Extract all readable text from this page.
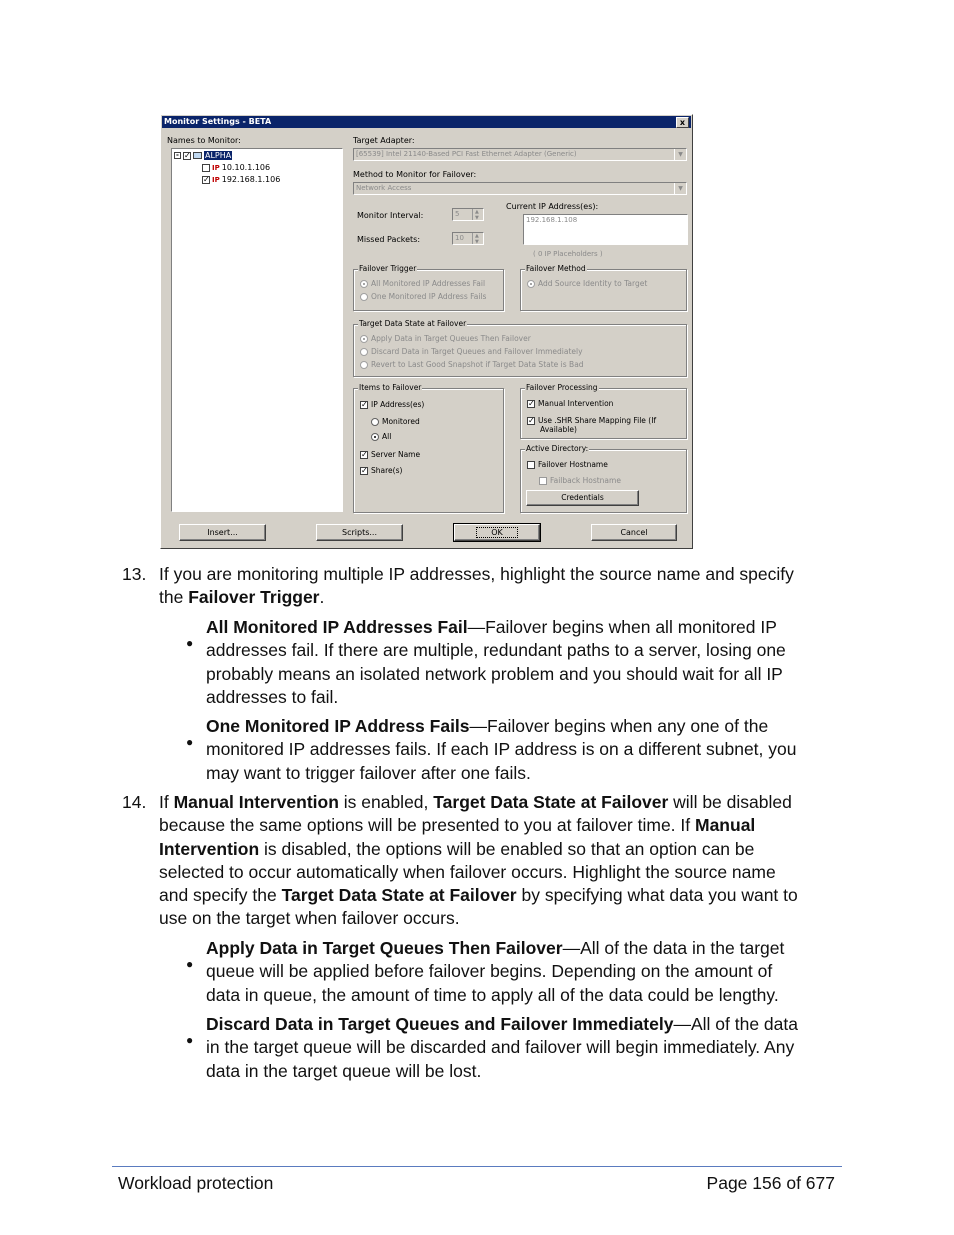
Monitor Settings - BETA	x
Names to Monitor:
- ✓ ALPHA
IP 10.10.1.106
✓ IP 192.168.1.106
Target Adapter:
[65539] Intel 21140-Based PCI Fast Ethernet Adapter (Generic)	▼
Method to Monitor for Failover:
Network Access	▼
Monitor Interval:	5
▲ ▼
Missed Packets:	10
▲ ▼
Current IP Address(es):
192.168.1.108
( 0 IP Placeholders )
Failover Trigger
All Monitored IP Addresses Fail
One Monitored IP Address Fails
Failover Method
Add Source Identity to Target
Target Data State at Failover
Apply Data in Target Queues Then Failover
Discard Data in Target Queues and Failover Immediately
Revert to Last Good Snapshot if Target Data State is Bad
Items to Failover
✓ IP Address(es)
Monitored
All
✓ Server Name
✓ Share(s)
Failover Processing
✓ Manual Intervention
✓ Use .SHR Share Mapping File (If
Available)
Active Directory:
Failover Hostname
Failback Hostname
Credentials
Insert...	Scripts...	OK	Cancel
13. If you are monitoring multiple IP addresses, highlight the source name and specify
the Failover Trigger.
●
All Monitored IP Addresses Fail—Failover begins when all monitored IP
addresses fail. If there are multiple, redundant paths to a server, losing one
probably means an isolated network problem and you should wait for all IP
addresses to fail.
●
One Monitored IP Address Fails—Failover begins when any one of the
monitored IP addresses fails. If each IP address is on a different subnet, you
may want to trigger failover after one fails.
14. If Manual Intervention is enabled, Target Data State at Failover will be disabled
because the same options will be presented to you at failover time. If Manual
Intervention is disabled, the options will be enabled so that an option can be
selected to occur automatically when failover occurs. Highlight the source name
and specify the Target Data State at Failover by specifying what data you want to
use on the target when failover occurs.
●
Apply Data in Target Queues Then Failover—All of the data in the target
queue will be applied before failover begins. Depending on the amount of
data in queue, the amount of time to apply all of the data could be lengthy.
●
Discard Data in Target Queues and Failover Immediately—All of the data
in the target queue will be discarded and failover will begin immediately. Any
data in the target queue will be lost.
Workload protection	Page 156 of 677
